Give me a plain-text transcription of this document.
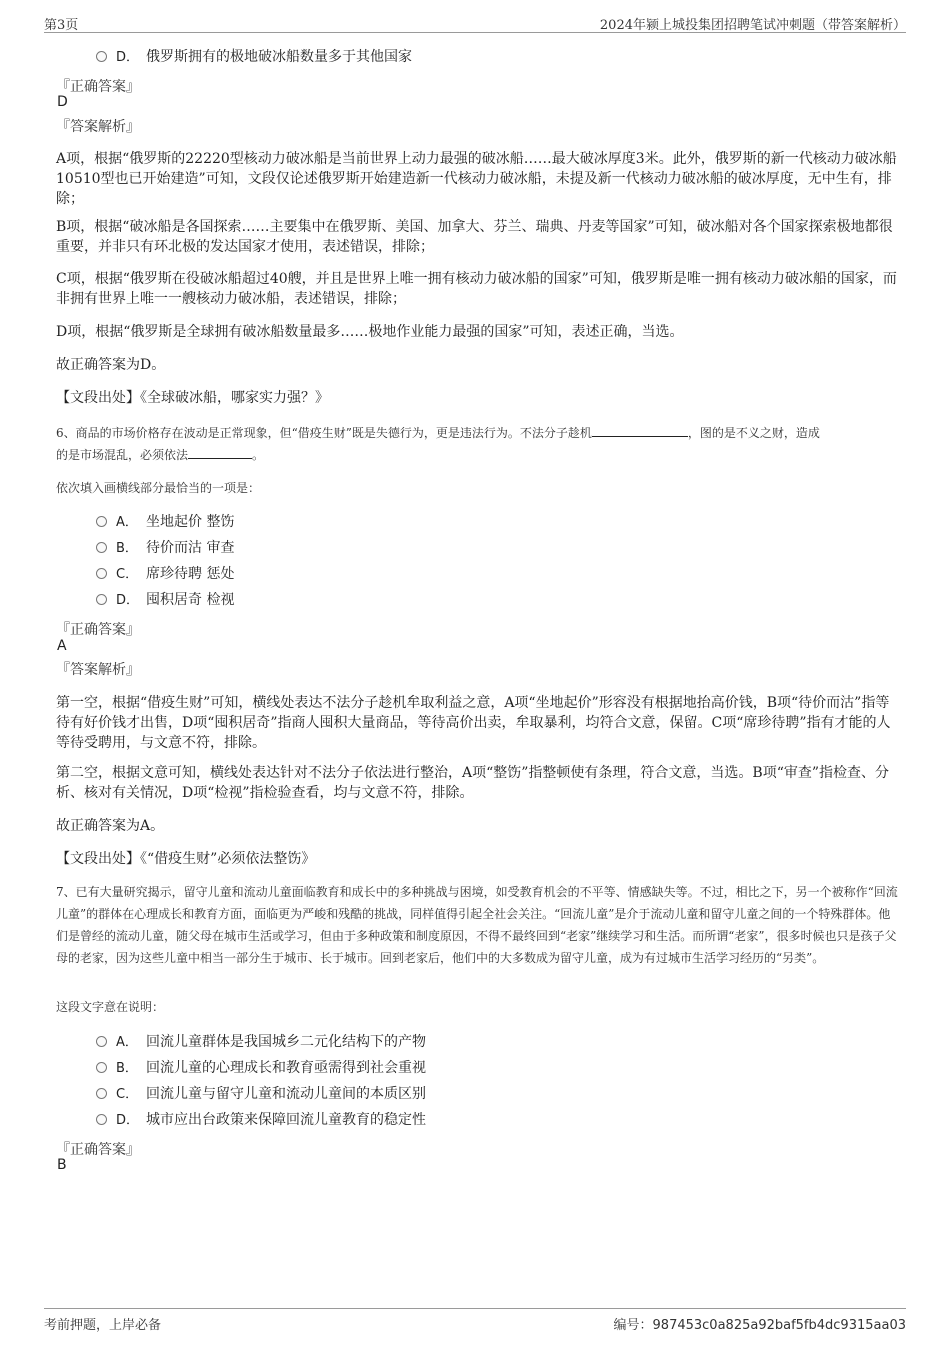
第3页	2024年颍上城投集团招聘笔试冲刺题（带答案解析）
D． 俄罗斯拥有的极地破冰船数量多于其他国家
『正确答案』
D
『答案解析』
A项，根据“俄罗斯的22220型核动力破冰船是当前世界上动力最强的破冰船……最大破冰厚度3米。此外，俄罗斯的新一代核动力破冰船10510型也已开始建造”可知，文段仅论述俄罗斯开始建造新一代核动力破冰船，未提及新一代核动力破冰船的破冰厚度，无中生有，排除；
B项，根据“破冰船是各国探索……主要集中在俄罗斯、美国、加拿大、芬兰、瑞典、丹麦等国家”可知，破冰船对各个国家探索极地都很重要，并非只有环北极的发达国家才使用，表述错误，排除；
C项，根据“俄罗斯在役破冰船超过40艘，并且是世界上唯一拥有核动力破冰船的国家”可知，俄罗斯是唯一拥有核动力破冰船的国家，而非拥有世界上唯一一艘核动力破冰船，表述错误，排除；
D项，根据“俄罗斯是全球拥有破冰船数量最多……极地作业能力最强的国家”可知，表述正确，当选。
故正确答案为D。
【文段出处】《全球破冰船，哪家实力强？》
6、商品的市场价格存在波动是正常现象，但“借疫生财”既是失德行为，更是违法行为。不法分子趁机	，图的是不义之财，造成
的是市场混乱，必须依法	。
依次填入画横线部分最恰当的一项是：
A． 坐地起价 整饬
B． 待价而沽 审查
C． 席珍待聘 惩处
D． 囤积居奇 检视
『正确答案』
A
『答案解析』
第一空，根据“借疫生财”可知，横线处表达不法分子趁机牟取利益之意，A项“坐地起价”形容没有根据地抬高价钱，B项“待价而沽”指等待有好价钱才出售，D项“囤积居奇”指商人囤积大量商品，等待高价出卖，牟取暴利，均符合文意，保留。C项“席珍待聘”指有才能的人等待受聘用，与文意不符，排除。
第二空，根据文意可知，横线处表达针对不法分子依法进行整治，A项“整饬”指整顿使有条理，符合文意，当选。B项“审查”指检查、分析、核对有关情况，D项“检视”指检验查看，均与文意不符，排除。
故正确答案为A。
【文段出处】《“借疫生财”必须依法整饬》
7、已有大量研究揭示，留守儿童和流动儿童面临教育和成长中的多种挑战与困境，如受教育机会的不平等、情感缺失等。不过，相比之下，另一个被称作“回流儿童”的群体在心理成长和教育方面，面临更为严峻和残酷的挑战，同样值得引起全社会关注。“回流儿童”是介于流动儿童和留守儿童之间的一个特殊群体。他们是曾经的流动儿童，随父母在城市生活或学习，但由于多种政策和制度原因，不得不最终回到“老家”继续学习和生活。而所谓“老家”，很多时候也只是孩子父母的老家，因为这些儿童中相当一部分生于城市、长于城市。回到老家后，他们中的大多数成为留守儿童，成为有过城市生活学习经历的“另类”。
这段文字意在说明：
A． 回流儿童群体是我国城乡二元化结构下的产物
B． 回流儿童的心理成长和教育亟需得到社会重视
C． 回流儿童与留守儿童和流动儿童间的本质区别
D． 城市应出台政策来保障回流儿童教育的稳定性
『正确答案』
B
考前押题，上岸必备	编号：987453c0a825a92baf5fb4dc9315aa03
